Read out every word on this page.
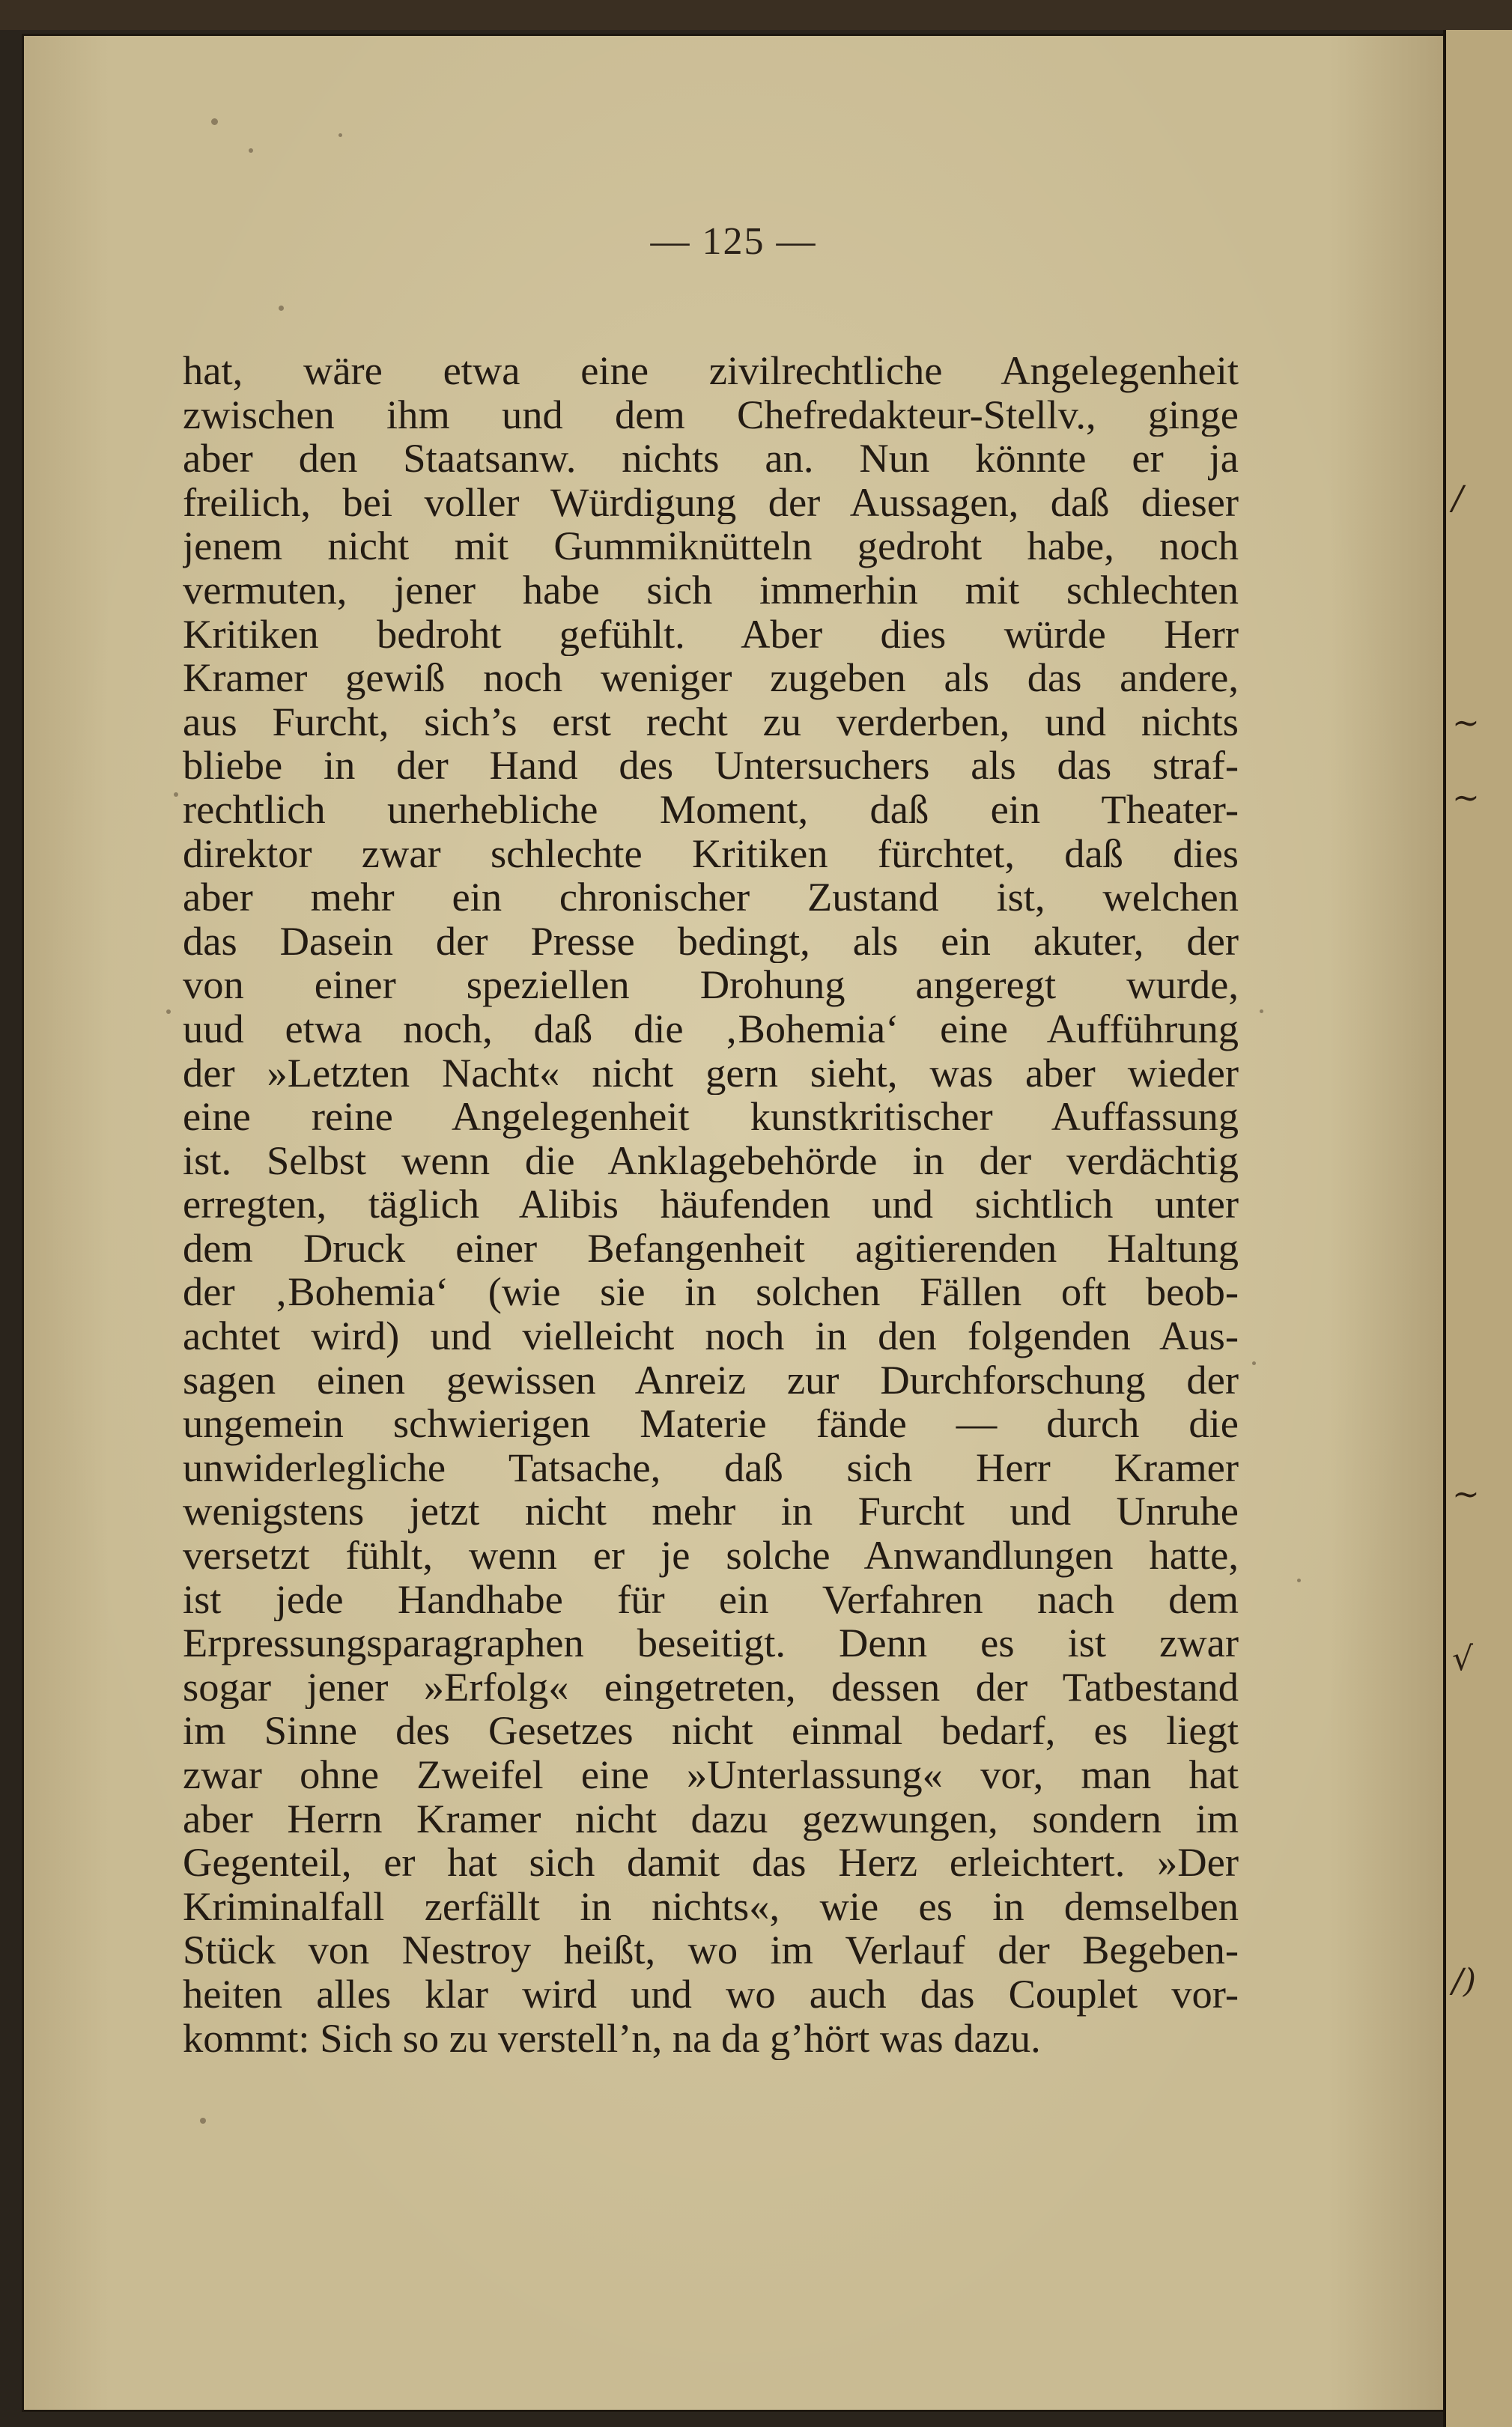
— 125 —
hat, wäre etwa eine zivilrechtliche Angelegenheit
zwischen ihm und dem Chefredakteur-Stellv., ginge
aber den Staatsanw. nichts an. Nun könnte er ja
freilich, bei voller Würdigung der Aussagen, daß dieser
jenem nicht mit Gummiknütteln gedroht habe, noch
vermuten, jener habe sich immerhin mit schlechten
Kritiken bedroht gefühlt. Aber dies würde Herr
Kramer gewiß noch weniger zugeben als das andere,
aus Furcht, sich’s erst recht zu verderben, und nichts
bliebe in der Hand des Untersuchers als das straf-
rechtlich unerhebliche Moment, daß ein Theater-
direktor zwar schlechte Kritiken fürchtet, daß dies
aber mehr ein chronischer Zustand ist, welchen
das Dasein der Presse bedingt, als ein akuter, der
von einer speziellen Drohung angeregt wurde,
uud etwa noch, daß die ‚Bohemia‘ eine Aufführung
der »Letzten Nacht« nicht gern sieht, was aber wieder
eine reine Angelegenheit kunstkritischer Auffassung
ist. Selbst wenn die Anklagebehörde in der verdächtig
erregten, täglich Alibis häufenden und sichtlich unter
dem Druck einer Befangenheit agitierenden Haltung
der ‚Bohemia‘ (wie sie in solchen Fällen oft beob-
achtet wird) und vielleicht noch in den folgenden Aus-
sagen einen gewissen Anreiz zur Durchforschung der
ungemein schwierigen Materie fände — durch die
unwiderlegliche Tatsache, daß sich Herr Kramer
wenigstens jetzt nicht mehr in Furcht und Unruhe
versetzt fühlt, wenn er je solche Anwandlungen hatte,
ist jede Handhabe für ein Verfahren nach dem
Erpressungsparagraphen beseitigt. Denn es ist zwar
sogar jener »Erfolg« eingetreten, dessen der Tatbestand
im Sinne des Gesetzes nicht einmal bedarf, es liegt
zwar ohne Zweifel eine »Unterlassung« vor, man hat
aber Herrn Kramer nicht dazu gezwungen, sondern im
Gegenteil, er hat sich damit das Herz erleichtert. »Der
Kriminalfall zerfällt in nichts«, wie es in demselben
Stück von Nestroy heißt, wo im Verlauf der Begeben-
heiten alles klar wird und wo auch das Couplet vor-
kommt: Sich so zu verstell’n, na da g’hört was dazu.
/
~
~
~
√
/)
